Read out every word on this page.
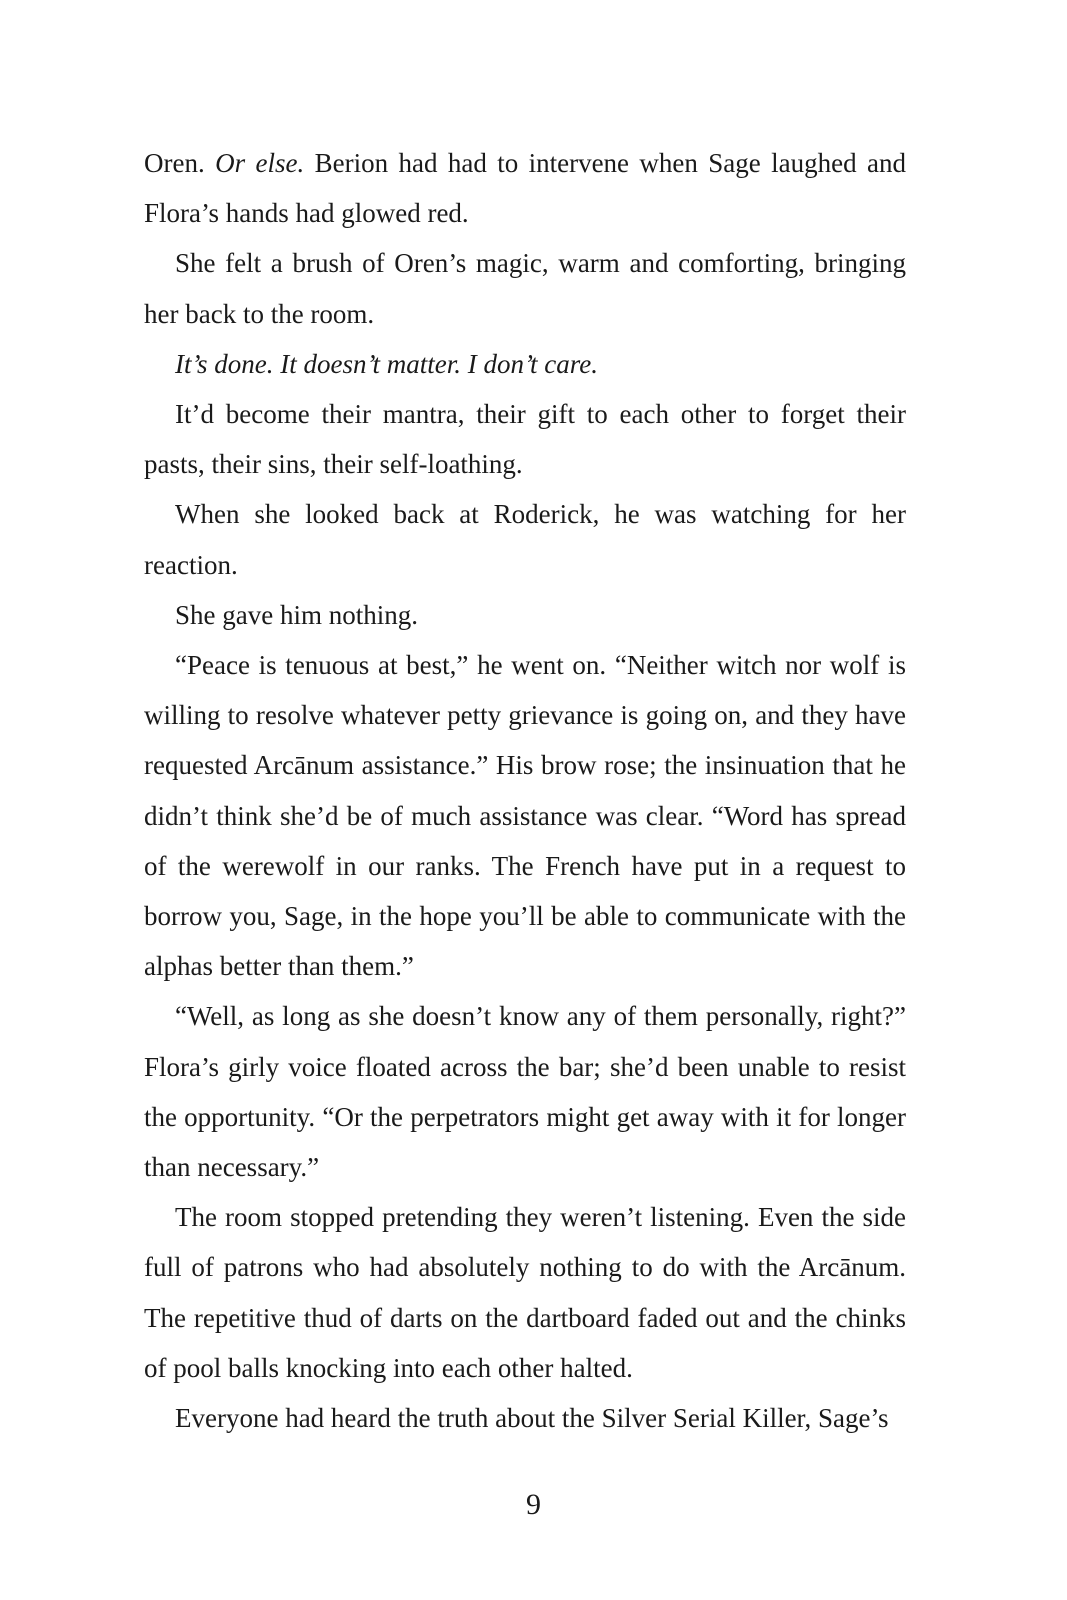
Oren. Or else. Berion had had to intervene when Sage laughed and Flora’s hands had glowed red.

She felt a brush of Oren’s magic, warm and comforting, bringing her back to the room.

It’s done. It doesn’t matter. I don’t care.

It’d become their mantra, their gift to each other to forget their pasts, their sins, their self-loathing.

When she looked back at Roderick, he was watching for her reaction.

She gave him nothing.

“Peace is tenuous at best,” he went on. “Neither witch nor wolf is willing to resolve whatever petty grievance is going on, and they have requested Arcānum assistance.” His brow rose; the insinuation that he didn’t think she’d be of much assistance was clear. “Word has spread of the werewolf in our ranks. The French have put in a request to borrow you, Sage, in the hope you’ll be able to communicate with the alphas better than them.”

“Well, as long as she doesn’t know any of them personally, right?” Flora’s girly voice floated across the bar; she’d been unable to resist the opportunity. “Or the perpetrators might get away with it for longer than necessary.”

The room stopped pretending they weren’t listening. Even the side full of patrons who had absolutely nothing to do with the Arcānum. The repetitive thud of darts on the dartboard faded out and the chinks of pool balls knocking into each other halted.

Everyone had heard the truth about the Silver Serial Killer, Sage’s

9
